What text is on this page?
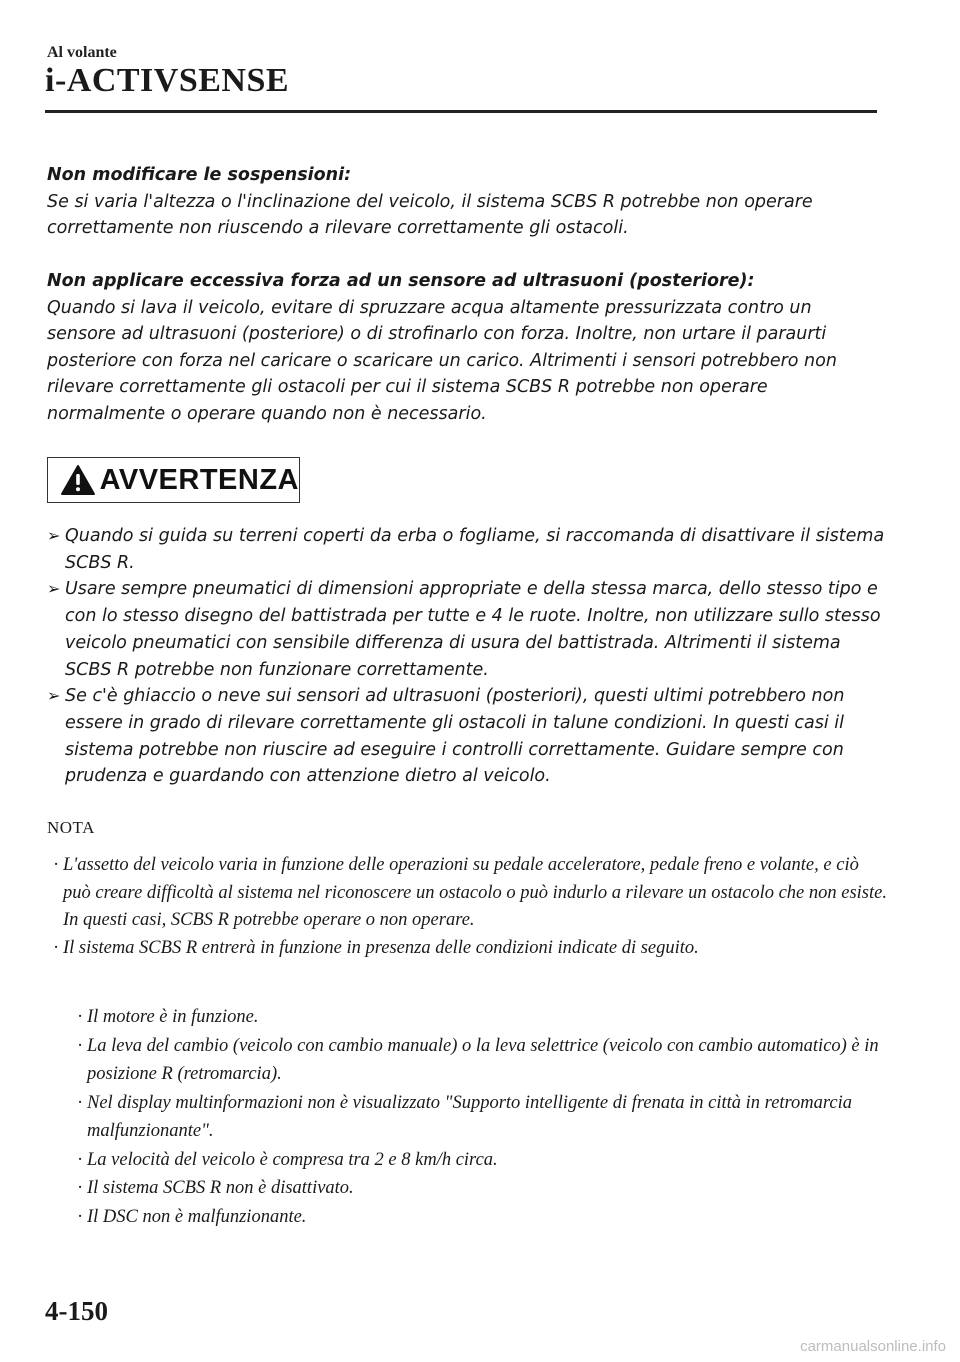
Al volante
i-ACTIVSENSE
Non modificare le sospensioni:
Se si varia l'altezza o l'inclinazione del veicolo, il sistema SCBS R potrebbe non operare correttamente non riuscendo a rilevare correttamente gli ostacoli.
Non applicare eccessiva forza ad un sensore ad ultrasuoni (posteriore):
Quando si lava il veicolo, evitare di spruzzare acqua altamente pressurizzata contro un sensore ad ultrasuoni (posteriore) o di strofinarlo con forza. Inoltre, non urtare il paraurti posteriore con forza nel caricare o scaricare un carico. Altrimenti i sensori potrebbero non rilevare correttamente gli ostacoli per cui il sistema SCBS R potrebbe non operare normalmente o operare quando non è necessario.
AVVERTENZA
➢ Quando si guida su terreni coperti da erba o fogliame, si raccomanda di disattivare il sistema SCBS R.
➢ Usare sempre pneumatici di dimensioni appropriate e della stessa marca, dello stesso tipo e con lo stesso disegno del battistrada per tutte e 4 le ruote. Inoltre, non utilizzare sullo stesso veicolo pneumatici con sensibile differenza di usura del battistrada. Altrimenti il sistema SCBS R potrebbe non funzionare correttamente.
➢ Se c'è ghiaccio o neve sui sensori ad ultrasuoni (posteriori), questi ultimi potrebbero non essere in grado di rilevare correttamente gli ostacoli in talune condizioni. In questi casi il sistema potrebbe non riuscire ad eseguire i controlli correttamente. Guidare sempre con prudenza e guardando con attenzione dietro al veicolo.
NOTA
· L'assetto del veicolo varia in funzione delle operazioni su pedale acceleratore, pedale freno e volante, e ciò può creare difficoltà al sistema nel riconoscere un ostacolo o può indurlo a rilevare un ostacolo che non esiste. In questi casi, SCBS R potrebbe operare o non operare.
· Il sistema SCBS R entrerà in funzione in presenza delle condizioni indicate di seguito.
· Il motore è in funzione.
· La leva del cambio (veicolo con cambio manuale) o la leva selettrice (veicolo con cambio automatico) è in posizione R (retromarcia).
· Nel display multinformazioni non è visualizzato "Supporto intelligente di frenata in città in retromarcia malfunzionante".
· La velocità del veicolo è compresa tra 2 e 8 km/h circa.
· Il sistema SCBS R non è disattivato.
· Il DSC non è malfunzionante.
4-150
carmanualsonline.info
